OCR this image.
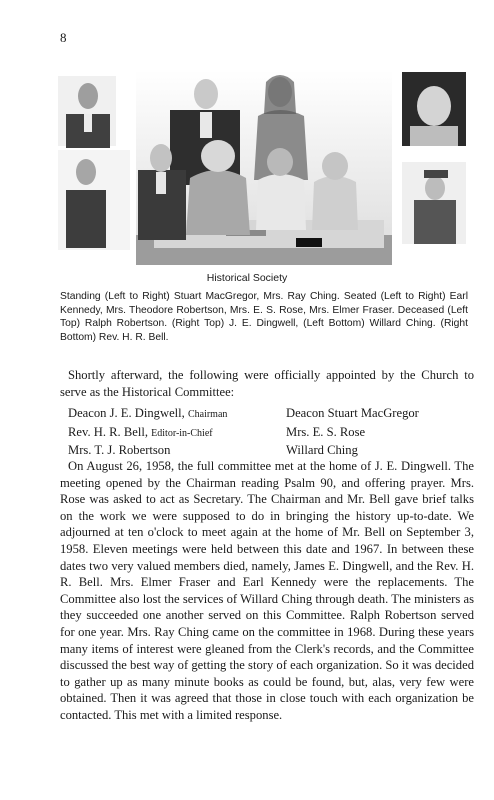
8
Historical Society
Standing (Left to Right) Stuart MacGregor, Mrs. Ray Ching. Seated (Left to Right) Earl Kennedy, Mrs. Theodore Robertson, Mrs. E. S. Rose, Mrs. Elmer Fraser. Deceased (Left Top) Ralph Robertson. (Right Top) J. E. Dingwell, (Left Bottom) Willard Ching. (Right Bottom) Rev. H. R. Bell.

Shortly afterward, the following were officially appointed by the Church to serve as the Historical Committee:

Deacon J. E. Dingwell, Chairman	Deacon Stuart MacGregor
Rev. H. R. Bell, Editor-in-Chief	Mrs. E. S. Rose
Mrs. T. J. Robertson	Willard Ching

On August 26, 1958, the full committee met at the home of J. E. Dingwell. The meeting opened by the Chairman reading Psalm 90, and offering prayer. Mrs. Rose was asked to act as Secretary. The Chairman and Mr. Bell gave brief talks on the work we were supposed to do in bringing the history up-to-date. We adjourned at ten o'clock to meet again at the home of Mr. Bell on September 3, 1958. Eleven meetings were held between this date and 1967. In between these dates two very valued members died, namely, James E. Dingwell, and the Rev. H. R. Bell. Mrs. Elmer Fraser and Earl Kennedy were the replacements. The Committee also lost the services of Willard Ching through death. The ministers as they succeeded one another served on this Committee. Ralph Robertson served for one year. Mrs. Ray Ching came on the committee in 1968. During these years many items of interest were gleaned from the Clerk's records, and the Committee discussed the best way of getting the story of each organization. So it was decided to gather up as many minute books as could be found, but, alas, very few were obtained. Then it was agreed that those in close touch with each organization be contacted. This met with a limited response.
